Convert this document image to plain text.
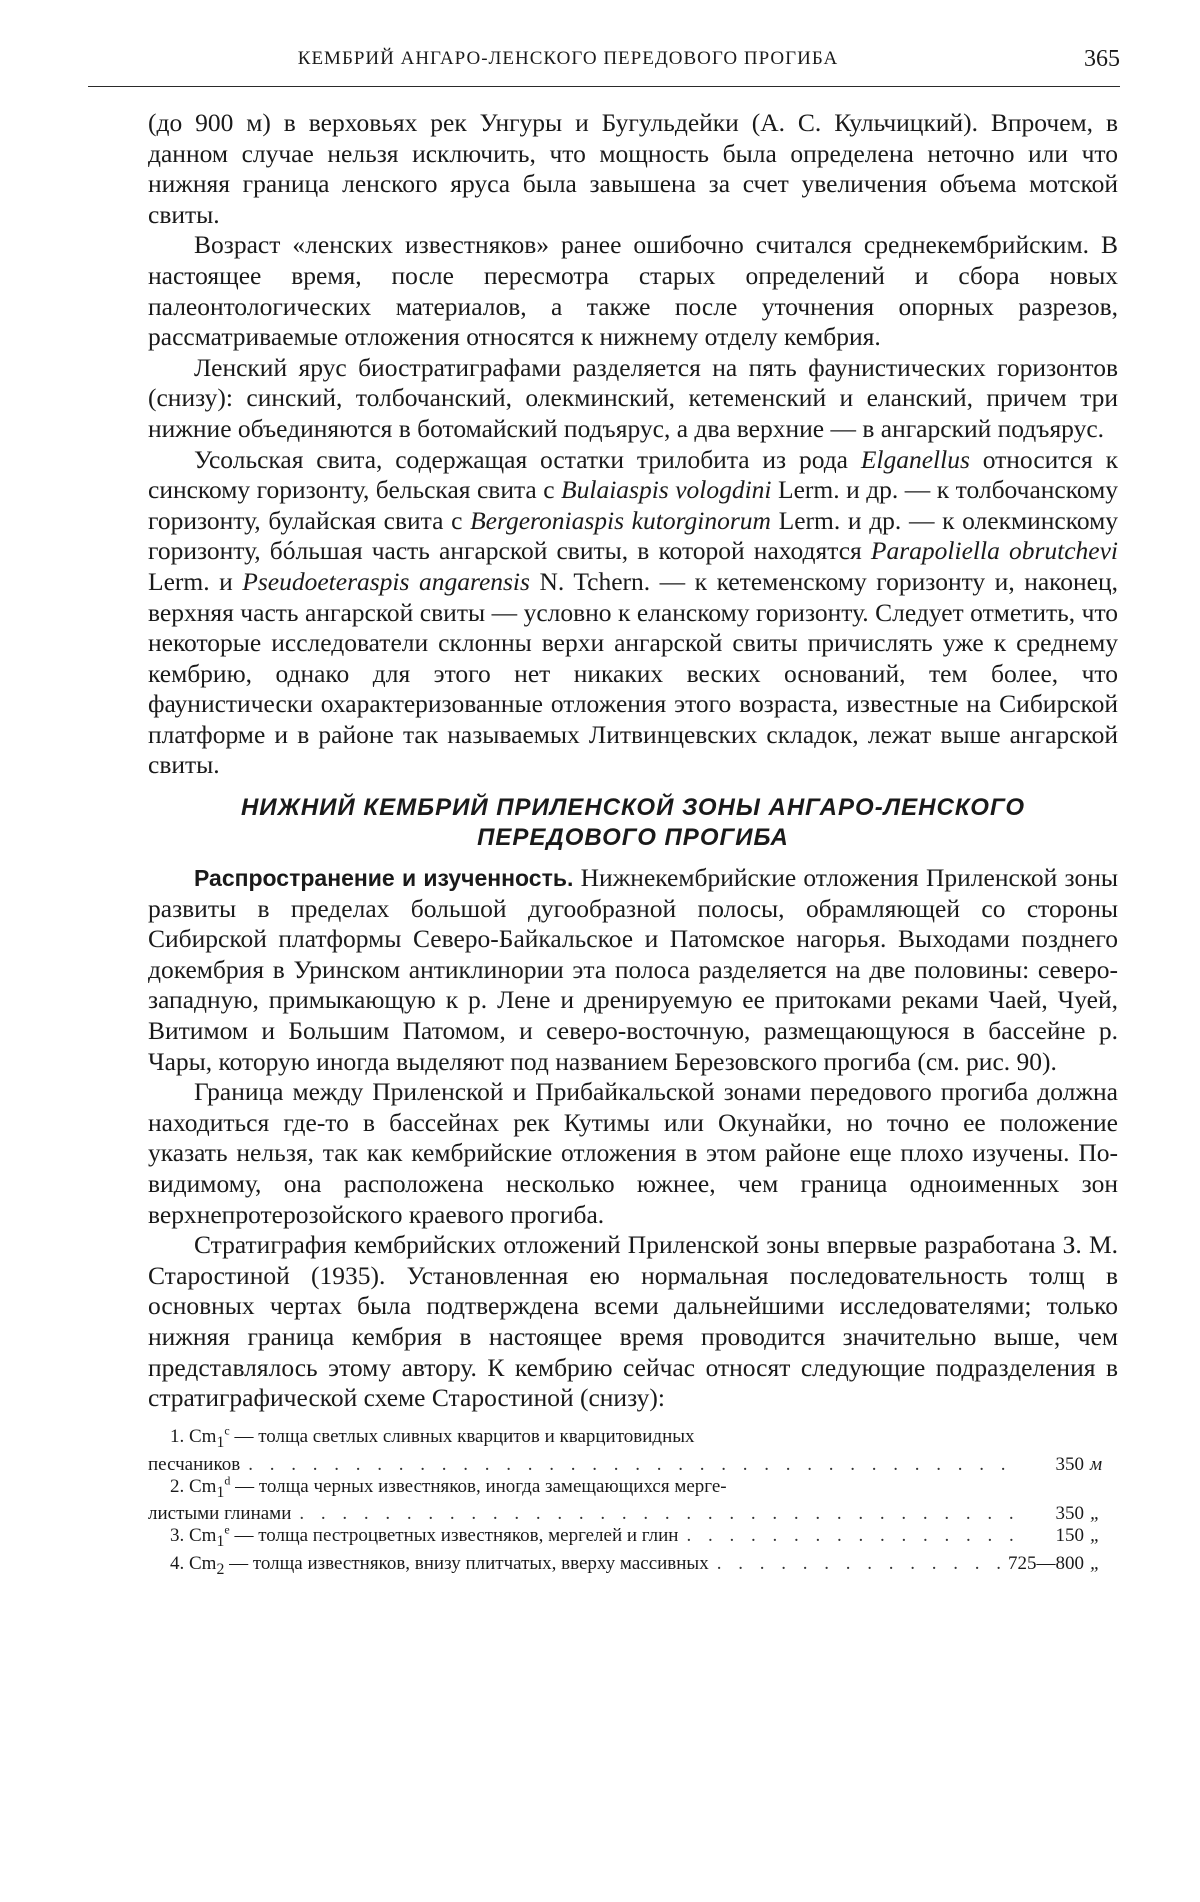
КЕМБРИЙ АНГАРО-ЛЕНСКОГО ПЕРЕДОВОГО ПРОГИБА	365

(до 900 м) в верховьях рек Унгуры и Бугульдейки (А. С. Кульчицкий). Впрочем, в данном случае нельзя исключить, что мощность была определена неточно или что нижняя граница ленского яруса была завышена за счет увеличения объема мотской свиты.

Возраст «ленских известняков» ранее ошибочно считался среднекембрийским. В настоящее время, после пересмотра старых определений и сбора новых палеонтологических материалов, а также после уточнения опорных разрезов, рассматриваемые отложения относятся к нижнему отделу кембрия.

Ленский ярус биостратиграфами разделяется на пять фаунистических горизонтов (снизу): синский, толбочанский, олекминский, кетеменский и еланский, причем три нижние объединяются в ботомайский подъярус, а два верхние — в ангарский подъярус.

Усольская свита, содержащая остатки трилобита из рода Elganellus относится к синскому горизонту, бельская свита с Bulaiaspis vologdini Lerm. и др. — к толбочанскому горизонту, булайская свита с Bergeroniaspis kutorginorum Lerm. и др. — к олекминскому горизонту, бóльшая часть ангарской свиты, в которой находятся Parapoliella obrutchevi Lerm. и Pseudoeteraspis angarensis N. Tchern. — к кетеменскому горизонту и, наконец, верхняя часть ангарской свиты — условно к еланскому горизонту. Следует отметить, что некоторые исследователи склонны верхи ангарской свиты причислять уже к среднему кембрию, однако для этого нет никаких веских оснований, тем более, что фаунистически охарактеризованные отложения этого возраста, известные на Сибирской платформе и в районе так называемых Литвинцевских складок, лежат выше ангарской свиты.

НИЖНИЙ КЕМБРИЙ ПРИЛЕНСКОЙ ЗОНЫ АНГАРО-ЛЕНСКОГО ПЕРЕДОВОГО ПРОГИБА

Распространение и изученность. Нижнекембрийские отложения Приленской зоны развиты в пределах большой дугообразной полосы, обрамляющей со стороны Сибирской платформы Северо-Байкальское и Патомское нагорья. Выходами позднего докембрия в Уринском антиклинории эта полоса разделяется на две половины: северо-западную, примыкающую к р. Лене и дренируемую ее притоками реками Чаей, Чуей, Витимом и Большим Патомом, и северо-восточную, размещающуюся в бассейне р. Чары, которую иногда выделяют под названием Березовского прогиба (см. рис. 90).

Граница между Приленской и Прибайкальской зонами передового прогиба должна находиться где-то в бассейнах рек Кутимы или Окунайки, но точно ее положение указать нельзя, так как кембрийские отложения в этом районе еще плохо изучены. По-видимому, она расположена несколько южнее, чем граница одноименных зон верхнепротерозойского краевого прогиба.

Стратиграфия кембрийских отложений Приленской зоны впервые разработана З. М. Старостиной (1935). Установленная ею нормальная последовательность толщ в основных чертах была подтверждена всеми дальнейшими исследователями; только нижняя граница кембрия в настоящее время проводится значительно выше, чем представлялось этому автору. К кембрию сейчас относят следующие подразделения в стратиграфической схеме Старостиной (снизу):

1. $Cm_1^c$ — толща светлых сливных кварцитов и кварцитовидных
песчаников . . .	350 м
2. $Cm_1^d$ — толща черных известняков, иногда замещающихся мерге-
листыми глинами . . .	350 „
3. $Cm_1^e$ — толща пестроцветных известняков, мергелей и глин . . .	150 „
4. $Cm_2$ — толща известняков, внизу плитчатых, вверху массивных . . .	725—800 „
